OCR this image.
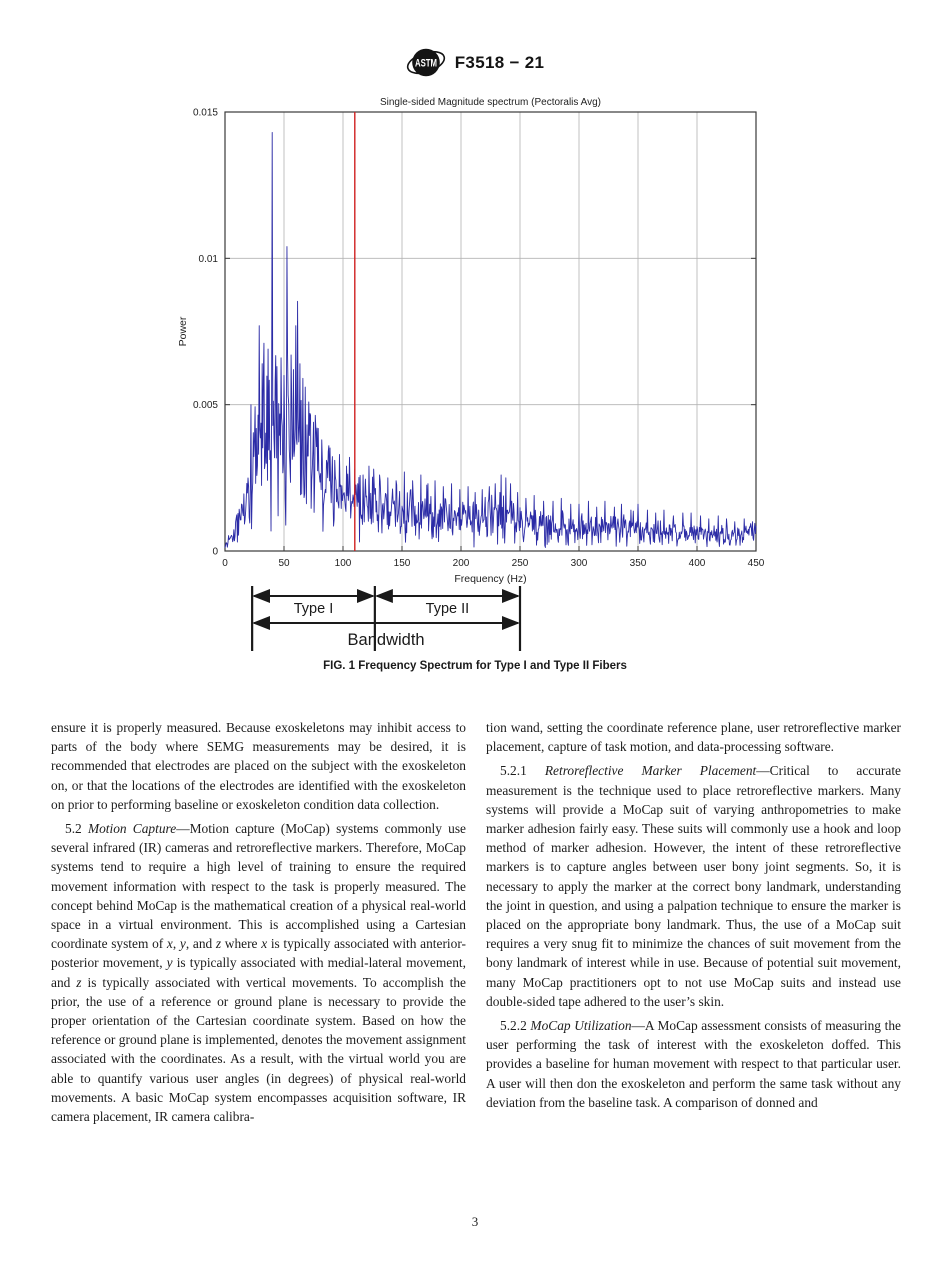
ASTM F3518 − 21
Single-sided Magnitude spectrum (Pectoralis Avg)
0	50	100	150	200	250	300	350	400	450
0
0.005
0.01
0.015
Frequency (Hz)
Power
Type I	Type II
Bandwidth
FIG. 1 Frequency Spectrum for Type I and Type II Fibers

ensure it is properly measured. Because exoskeletons may inhibit access to parts of the body where SEMG measurements may be desired, it is recommended that electrodes are placed on the subject with the exoskeleton on, or that the locations of the electrodes are identified with the exoskeleton on prior to performing baseline or exoskeleton condition data collection.

5.2 Motion Capture—Motion capture (MoCap) systems commonly use several infrared (IR) cameras and retroreflective markers. Therefore, MoCap systems tend to require a high level of training to ensure the required movement information with respect to the task is properly measured. The concept behind MoCap is the mathematical creation of a physical real-world space in a virtual environment. This is accomplished using a Cartesian coordinate system of x, y, and z where x is typically associated with anterior-posterior movement, y is typically associated with medial-lateral movement, and z is typically associated with vertical movements. To accomplish the prior, the use of a reference or ground plane is necessary to provide the proper orientation of the Cartesian coordinate system. Based on how the reference or ground plane is implemented, denotes the movement assignment associated with the coordinates. As a result, with the virtual world you are able to quantify various user angles (in degrees) of physical real-world movements. A basic MoCap system encompasses acquisition software, IR camera placement, IR camera calibra-

tion wand, setting the coordinate reference plane, user retroreflective marker placement, capture of task motion, and data-processing software.

5.2.1 Retroreflective Marker Placement—Critical to accurate measurement is the technique used to place retroreflective markers. Many systems will provide a MoCap suit of varying anthropometries to make marker adhesion fairly easy. These suits will commonly use a hook and loop method of marker adhesion. However, the intent of these retroreflective markers is to capture angles between user bony joint segments. So, it is necessary to apply the marker at the correct bony landmark, understanding the joint in question, and using a palpation technique to ensure the marker is placed on the appropriate bony landmark. Thus, the use of a MoCap suit requires a very snug fit to minimize the chances of suit movement from the bony landmark of interest while in use. Because of potential suit movement, many MoCap practitioners opt to not use MoCap suits and instead use double-sided tape adhered to the user’s skin.

5.2.2 MoCap Utilization—A MoCap assessment consists of measuring the user performing the task of interest with the exoskeleton doffed. This provides a baseline for human movement with respect to that particular user. A user will then don the exoskeleton and perform the same task without any deviation from the baseline task. A comparison of donned and

3
